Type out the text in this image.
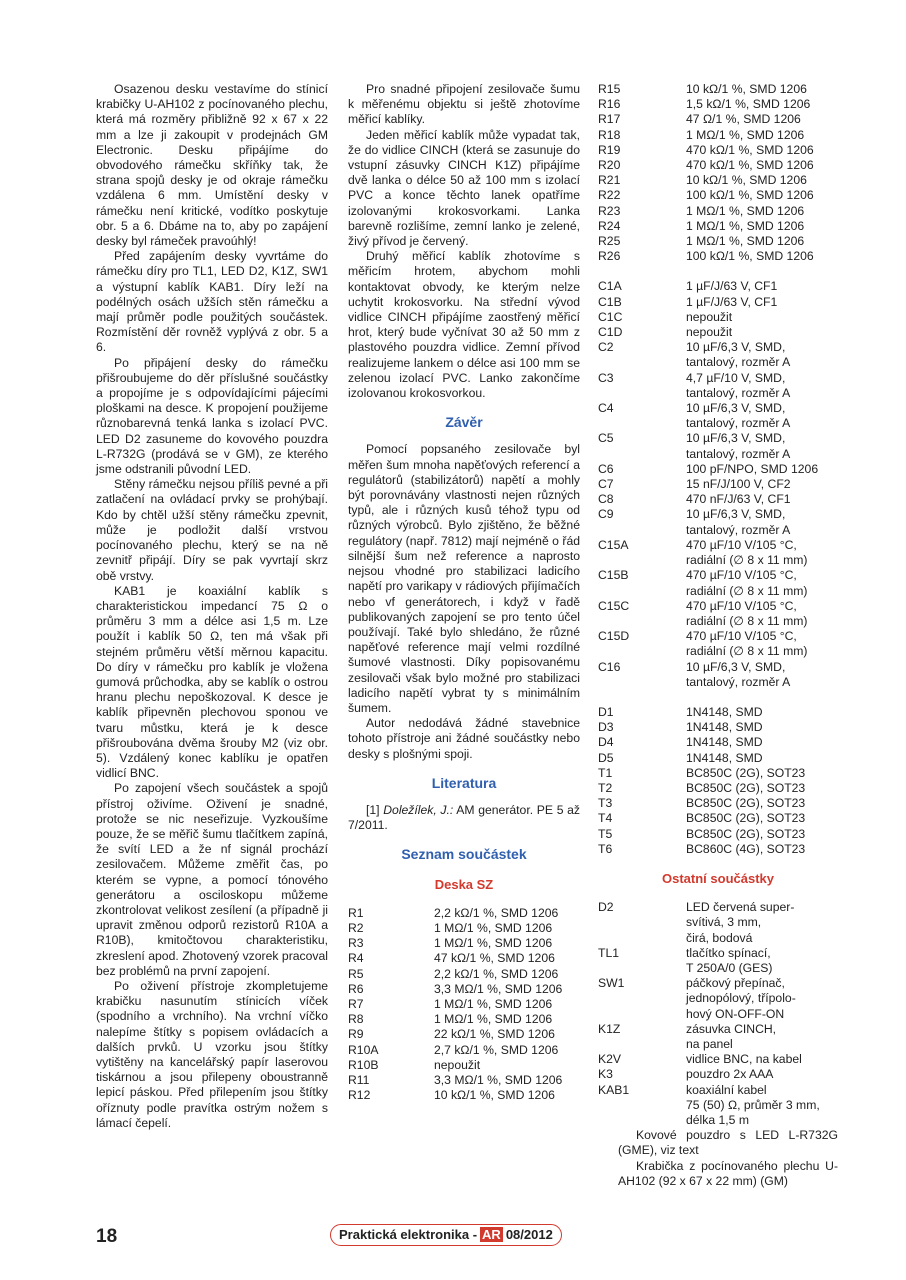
Osazenou desku vestavíme do stínicí krabičky U-AH102 z pocínovaného plechu, která má rozměry přibližně 92 x 67 x 22 mm a lze ji zakoupit v prodejnách GM Electronic. Desku připájíme do obvodového rámečku skříňky tak, že strana spojů desky je od okraje rámečku vzdálena 6 mm. Umístění desky v rámečku není kritické, vodítko poskytuje obr. 5 a 6. Dbáme na to, aby po zapájení desky byl rámeček pravoúhlý!

Před zapájením desky vyvrtáme do rámečku díry pro TL1, LED D2, K1Z, SW1 a výstupní kablík KAB1. Díry leží na podélných osách užších stěn rámečku a mají průměr podle použitých součástek. Rozmístění děr rovněž vyplývá z obr. 5 a 6.

Po připájení desky do rámečku přišroubujeme do děr příslušné součástky a propojíme je s odpovídajícími pájecími ploškami na desce. K propojení použijeme různobarevná tenká lanka s izolací PVC. LED D2 zasuneme do kovového pouzdra L-R732G (prodává se v GM), ze kterého jsme odstranili původní LED.

Stěny rámečku nejsou příliš pevné a při zatlačení na ovládací prvky se prohýbají. Kdo by chtěl užší stěny rámečku zpevnit, může je podložit další vrstvou pocínovaného plechu, který se na ně zevnitř připájí. Díry se pak vyvrtají skrz obě vrstvy.

KAB1 je koaxiální kablík s charakteristickou impedancí 75 Ω o průměru 3 mm a délce asi 1,5 m. Lze použít i kablík 50 Ω, ten má však při stejném průměru větší měrnou kapacitu. Do díry v rámečku pro kablík je vložena gumová průchodka, aby se kablík o ostrou hranu plechu nepoškozoval. K desce je kablík připevněn plechovou sponou ve tvaru můstku, která je k desce přišroubována dvěma šrouby M2 (viz obr. 5). Vzdálený konec kablíku je opatřen vidlicí BNC.

Po zapojení všech součástek a spojů přístroj oživíme. Oživení je snadné, protože se nic neseřizuje. Vyzkoušíme pouze, že se měřič šumu tlačítkem zapíná, že svítí LED a že nf signál prochází zesilovačem. Můžeme změřit čas, po kterém se vypne, a pomocí tónového generátoru a osciloskopu můžeme zkontrolovat velikost zesílení (a případně ji upravit změnou odporů rezistorů R10A a R10B), kmitočtovou charakteristiku, zkreslení apod. Zhotovený vzorek pracoval bez problémů na první zapojení.

Po oživení přístroje zkompletujeme krabičku nasunutím stínicích víček (spodního a vrchního). Na vrchní víčko nalepíme štítky s popisem ovládacích a dalších prvků. U vzorku jsou štítky vytištěny na kancelářský papír laserovou tiskárnou a jsou přilepeny oboustranně lepicí páskou. Před přilepením jsou štítky oříznuty podle pravítka ostrým nožem s lámací čepelí.

Pro snadné připojení zesilovače šumu k měřenému objektu si ještě zhotovíme měřicí kablíky.

Jeden měřicí kablík může vypadat tak, že do vidlice CINCH (která se zasunuje do vstupní zásuvky CINCH K1Z) připájíme dvě lanka o délce 50 až 100 mm s izolací PVC a konce těchto lanek opatříme izolovanými krokosvorkami. Lanka barevně rozlišíme, zemní lanko je zelené, živý přívod je červený.

Druhý měřicí kablík zhotovíme s měřicím hrotem, abychom mohli kontaktovat obvody, ke kterým nelze uchytit krokosvorku. Na střední vývod vidlice CINCH připájíme zaostřený měřicí hrot, který bude vyčnívat 30 až 50 mm z plastového pouzdra vidlice. Zemní přívod realizujeme lankem o délce asi 100 mm se zelenou izolací PVC. Lanko zakončíme izolovanou krokosvorkou.

Závěr

Pomocí popsaného zesilovače byl měřen šum mnoha napěťových referencí a regulátorů (stabilizátorů) napětí a mohly být porovnávány vlastnosti nejen různých typů, ale i různých kusů téhož typu od různých výrobců. Bylo zjištěno, že běžné regulátory (např. 7812) mají nejméně o řád silnější šum než reference a naprosto nejsou vhodné pro stabilizaci ladicího napětí pro varikapy v rádiových přijímačích nebo vf generátorech, i když v řadě publikovaných zapojení se pro tento účel používají. Také bylo shledáno, že různé napěťové reference mají velmi rozdílné šumové vlastnosti. Díky popisovanému zesilovači však bylo možné pro stabilizaci ladicího napětí vybrat ty s minimálním šumem.

Autor nedodává žádné stavebnice tohoto přístroje ani žádné součástky nebo desky s plošnými spoji.

Literatura

[1] Doležílek, J.: AM generátor. PE 5 až 7/2011.

Seznam součástek
Deska SZ
R1	2,2 kΩ/1 %, SMD 1206
R2	1 MΩ/1 %, SMD 1206
R3	1 MΩ/1 %, SMD 1206
R4	47 kΩ/1 %, SMD 1206
R5	2,2 kΩ/1 %, SMD 1206
R6	3,3 MΩ/1 %, SMD 1206
R7	1 MΩ/1 %, SMD 1206
R8	1 MΩ/1 %, SMD 1206
R9	22 kΩ/1 %, SMD 1206
R10A	2,7 kΩ/1 %, SMD 1206
R10B	nepoužit
R11	3,3 MΩ/1 %, SMD 1206
R12	10 kΩ/1 %, SMD 1206
R15	10 kΩ/1 %, SMD 1206
R16	1,5 kΩ/1 %, SMD 1206
R17	47 Ω/1 %, SMD 1206
R18	1 MΩ/1 %, SMD 1206
R19	470 kΩ/1 %, SMD 1206
R20	470 kΩ/1 %, SMD 1206
R21	10 kΩ/1 %, SMD 1206
R22	100 kΩ/1 %, SMD 1206
R23	1 MΩ/1 %, SMD 1206
R24	1 MΩ/1 %, SMD 1206
R25	1 MΩ/1 %, SMD 1206
R26	100 kΩ/1 %, SMD 1206
C1A	1 µF/J/63 V, CF1
C1B	1 µF/J/63 V, CF1
C1C	nepoužit
C1D	nepoužit
C2	10 µF/6,3 V, SMD,
	tantalový, rozměr A
C3	4,7 µF/10 V, SMD,
	tantalový, rozměr A
C4	10 µF/6,3 V, SMD,
	tantalový, rozměr A
C5	10 µF/6,3 V, SMD,
	tantalový, rozměr A
C6	100 pF/NPO, SMD 1206
C7	15 nF/J/100 V, CF2
C8	470 nF/J/63 V, CF1
C9	10 µF/6,3 V, SMD,
	tantalový, rozměr A
C15A	470 µF/10 V/105 °C,
	radiální (∅ 8 x 11 mm)
C15B	470 µF/10 V/105 °C,
	radiální (∅ 8 x 11 mm)
C15C	470 µF/10 V/105 °C,
	radiální (∅ 8 x 11 mm)
C15D	470 µF/10 V/105 °C,
	radiální (∅ 8 x 11 mm)
C16	10 µF/6,3 V, SMD,
	tantalový, rozměr A
D1	1N4148, SMD
D3	1N4148, SMD
D4	1N4148, SMD
D5	1N4148, SMD
T1	BC850C (2G), SOT23
T2	BC850C (2G), SOT23
T3	BC850C (2G), SOT23
T4	BC850C (2G), SOT23
T5	BC850C (2G), SOT23
T6	BC860C (4G), SOT23
Ostatní součástky
D2	LED červená super-
	svítivá, 3 mm,
	čirá, bodová
TL1	tlačítko spínací,
	T 250A/0 (GES)
SW1	páčkový přepínač,
	jednopólový, třípolo-
	hový ON-OFF-ON
K1Z	zásuvka CINCH,
	na panel
K2V	vidlice BNC, na kabel
K3	pouzdro 2x AAA
KAB1	koaxiální kabel
	75 (50) Ω, průměr 3 mm,
	délka 1,5 m

Kovové pouzdro s LED L-R732G (GME), viz text

Krabička z pocínovaného plechu U-AH102 (92 x 67 x 22 mm) (GM)

18	Praktická elektronika - AR 08/2012
